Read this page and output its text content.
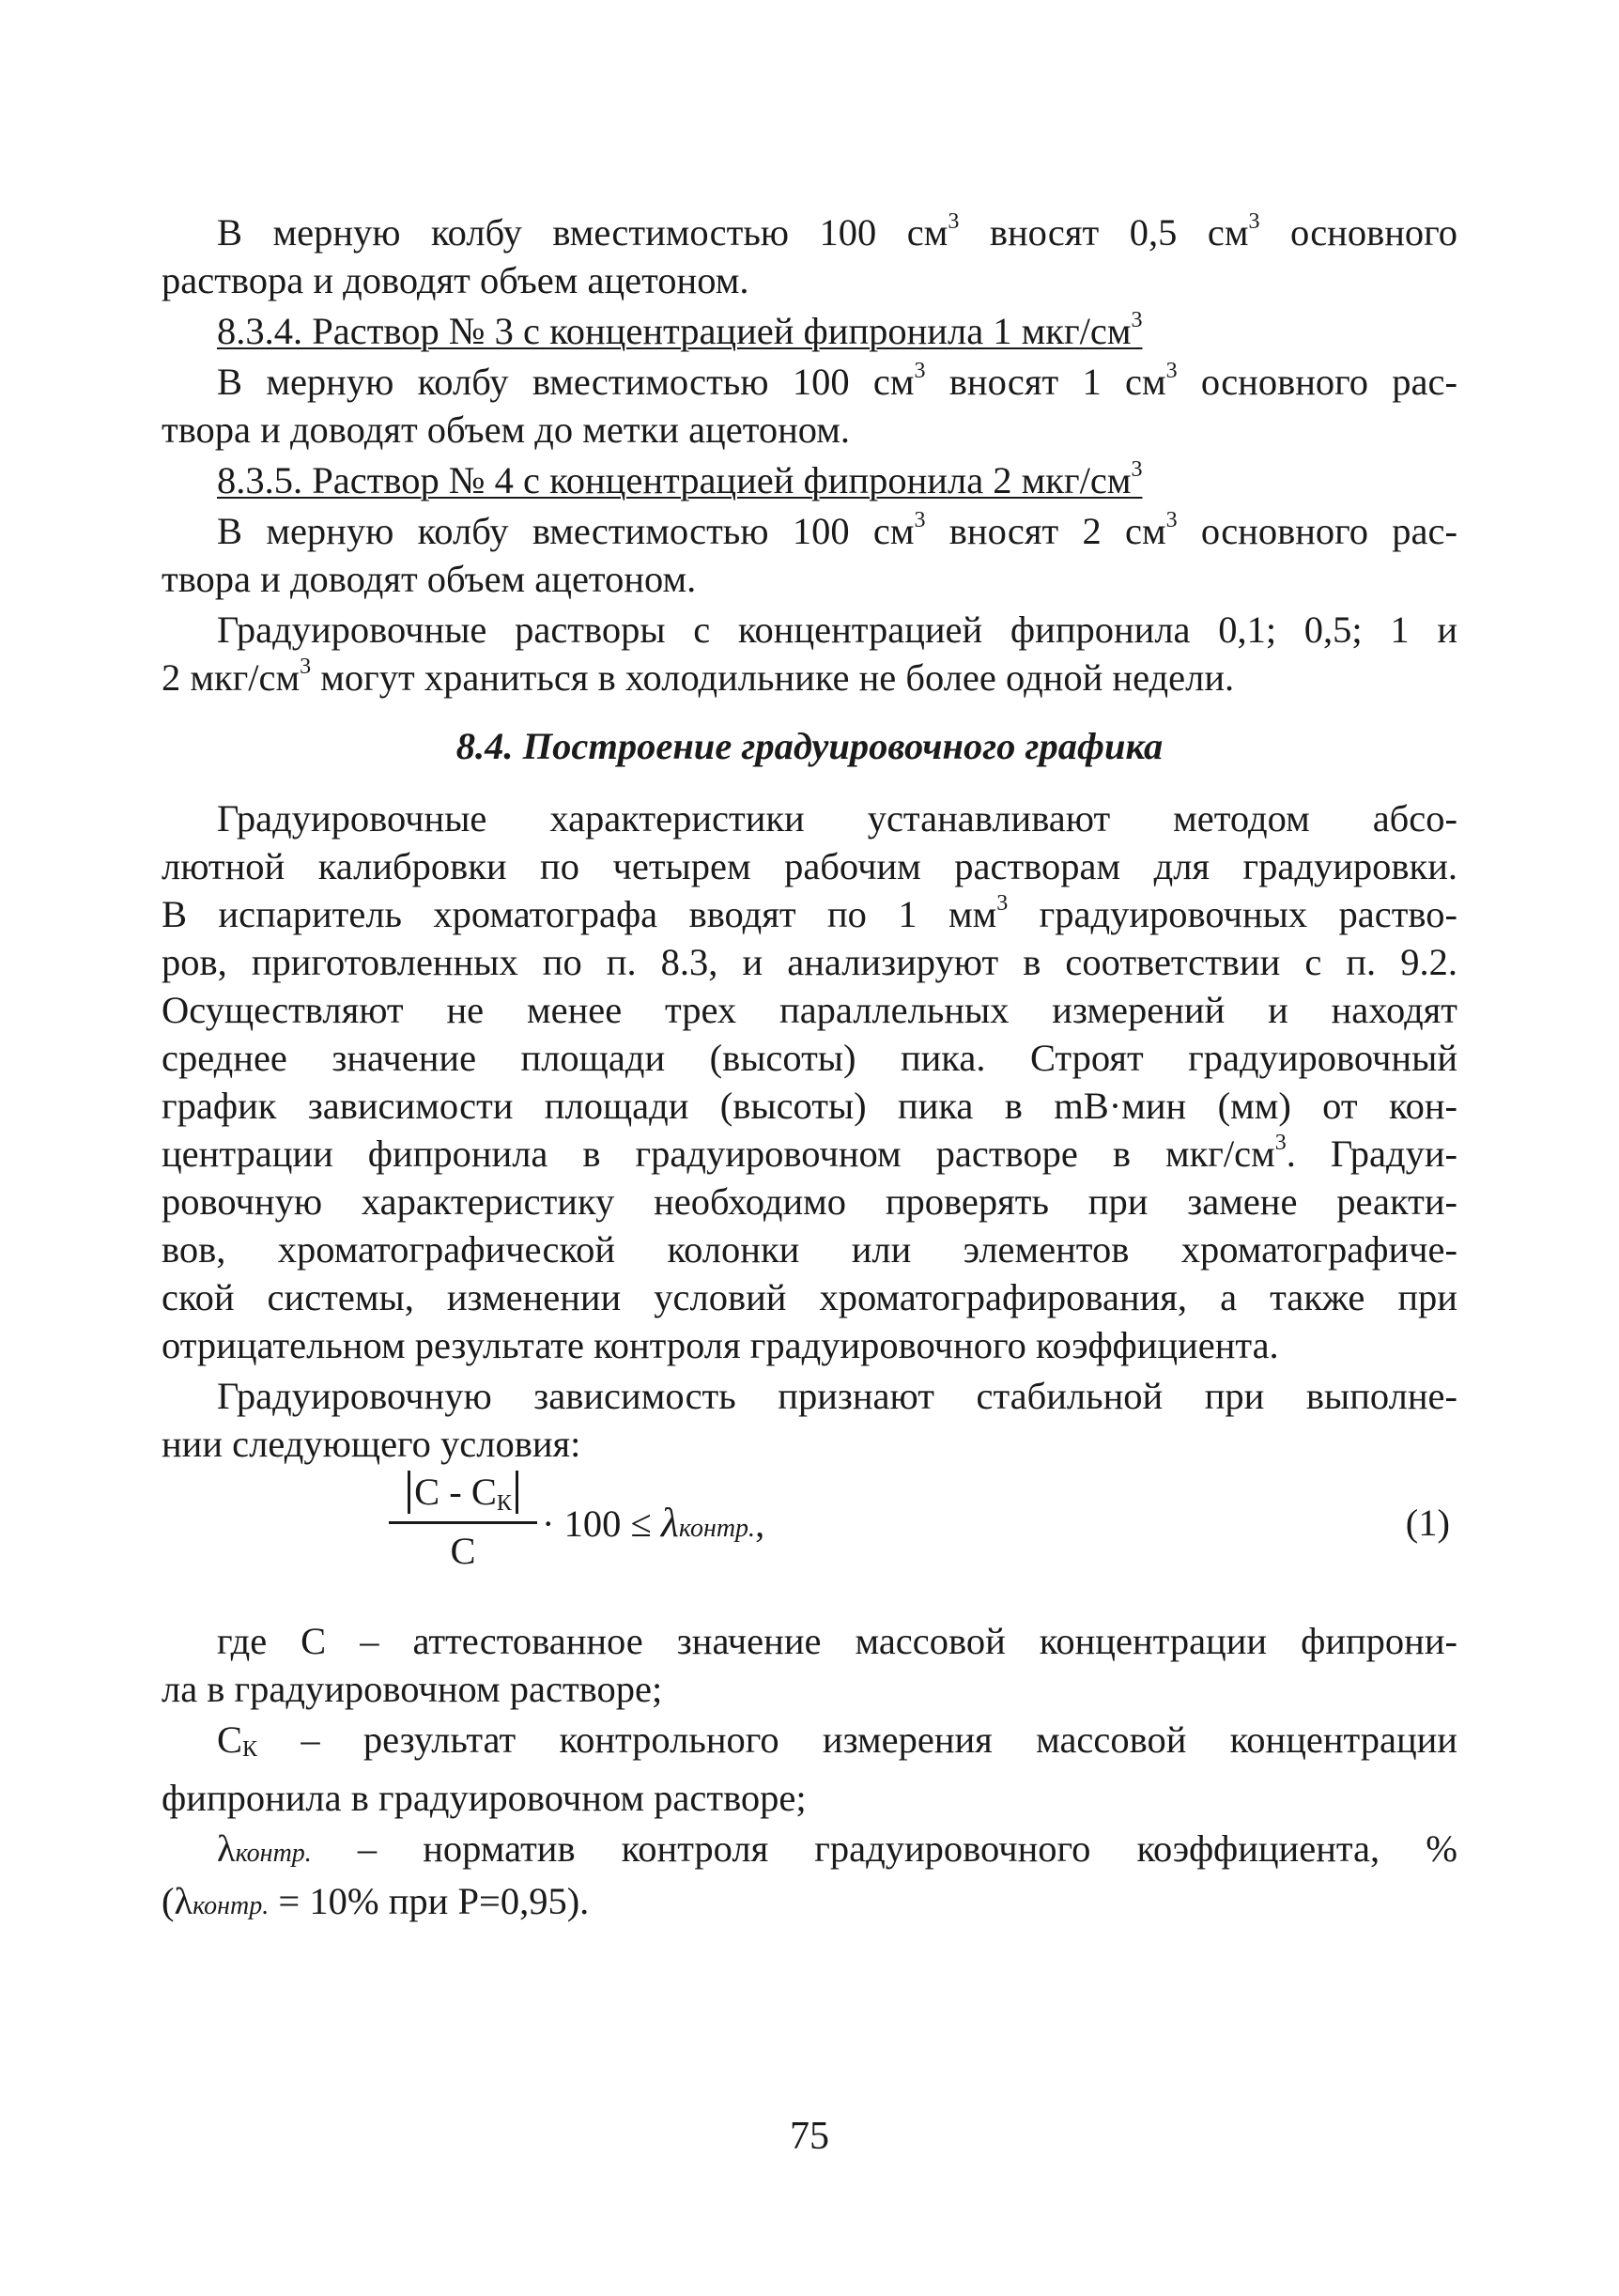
В мерную колбу вместимостью 100 $см^3$ вносят 0,5 $см^3$ основного
раствора и доводят объем ацетоном.
8.3.4. Раствор № 3 с концентрацией фипронила 1 мкг/$см^3$
В мерную колбу вместимостью 100 $см^3$ вносят 1 $см^3$ основного рас-
твора и доводят объем до метки ацетоном.
8.3.5. Раствор № 4 с концентрацией фипронила 2 мкг/$см^3$
В мерную колбу вместимостью 100 $см^3$ вносят 2 $см^3$ основного рас-
твора и доводят объем ацетоном.
Градуировочные растворы с концентрацией фипронила 0,1; 0,5; 1 и
2 мкг/$см^3$ могут храниться в холодильнике не более одной недели.
8.4. Построение градуировочного графика
Градуировочные характеристики устанавливают методом абсо-
лютной калибровки по четырем рабочим растворам для градуировки.
В испаритель хроматографа вводят по 1 $мм^3$ градуировочных раство-
ров, приготовленных по п. 8.3, и анализируют в соответствии с п. 9.2.
Осуществляют не менее трех параллельных измерений и находят
среднее значение площади (высоты) пика. Строят градуировочный
график зависимости площади (высоты) пика в mВ·мин (мм) от кон-
центрации фипронила в градуировочном растворе в мкг/$см^3$. Градуи-
ровочную характеристику необходимо проверять при замене реакти-
вов, хроматографической колонки или элементов хроматографиче-
ской системы, изменении условий хроматографирования, а также при
отрицательном результате контроля градуировочного коэффициента.
Градуировочную зависимость признают стабильной при выполне-
нии следующего условия:
С - $С_К$
С
· 100 ≤ λконтр.,	(1)
где С – аттестованное значение массовой концентрации фипрони-
ла в градуировочном растворе;
СК – результат контрольного измерения массовой концентрации
фипронила в градуировочном растворе;
λконтр. – норматив контроля градуировочного коэффициента, %
(λконтр. = 10% при Р=0,95).
75
